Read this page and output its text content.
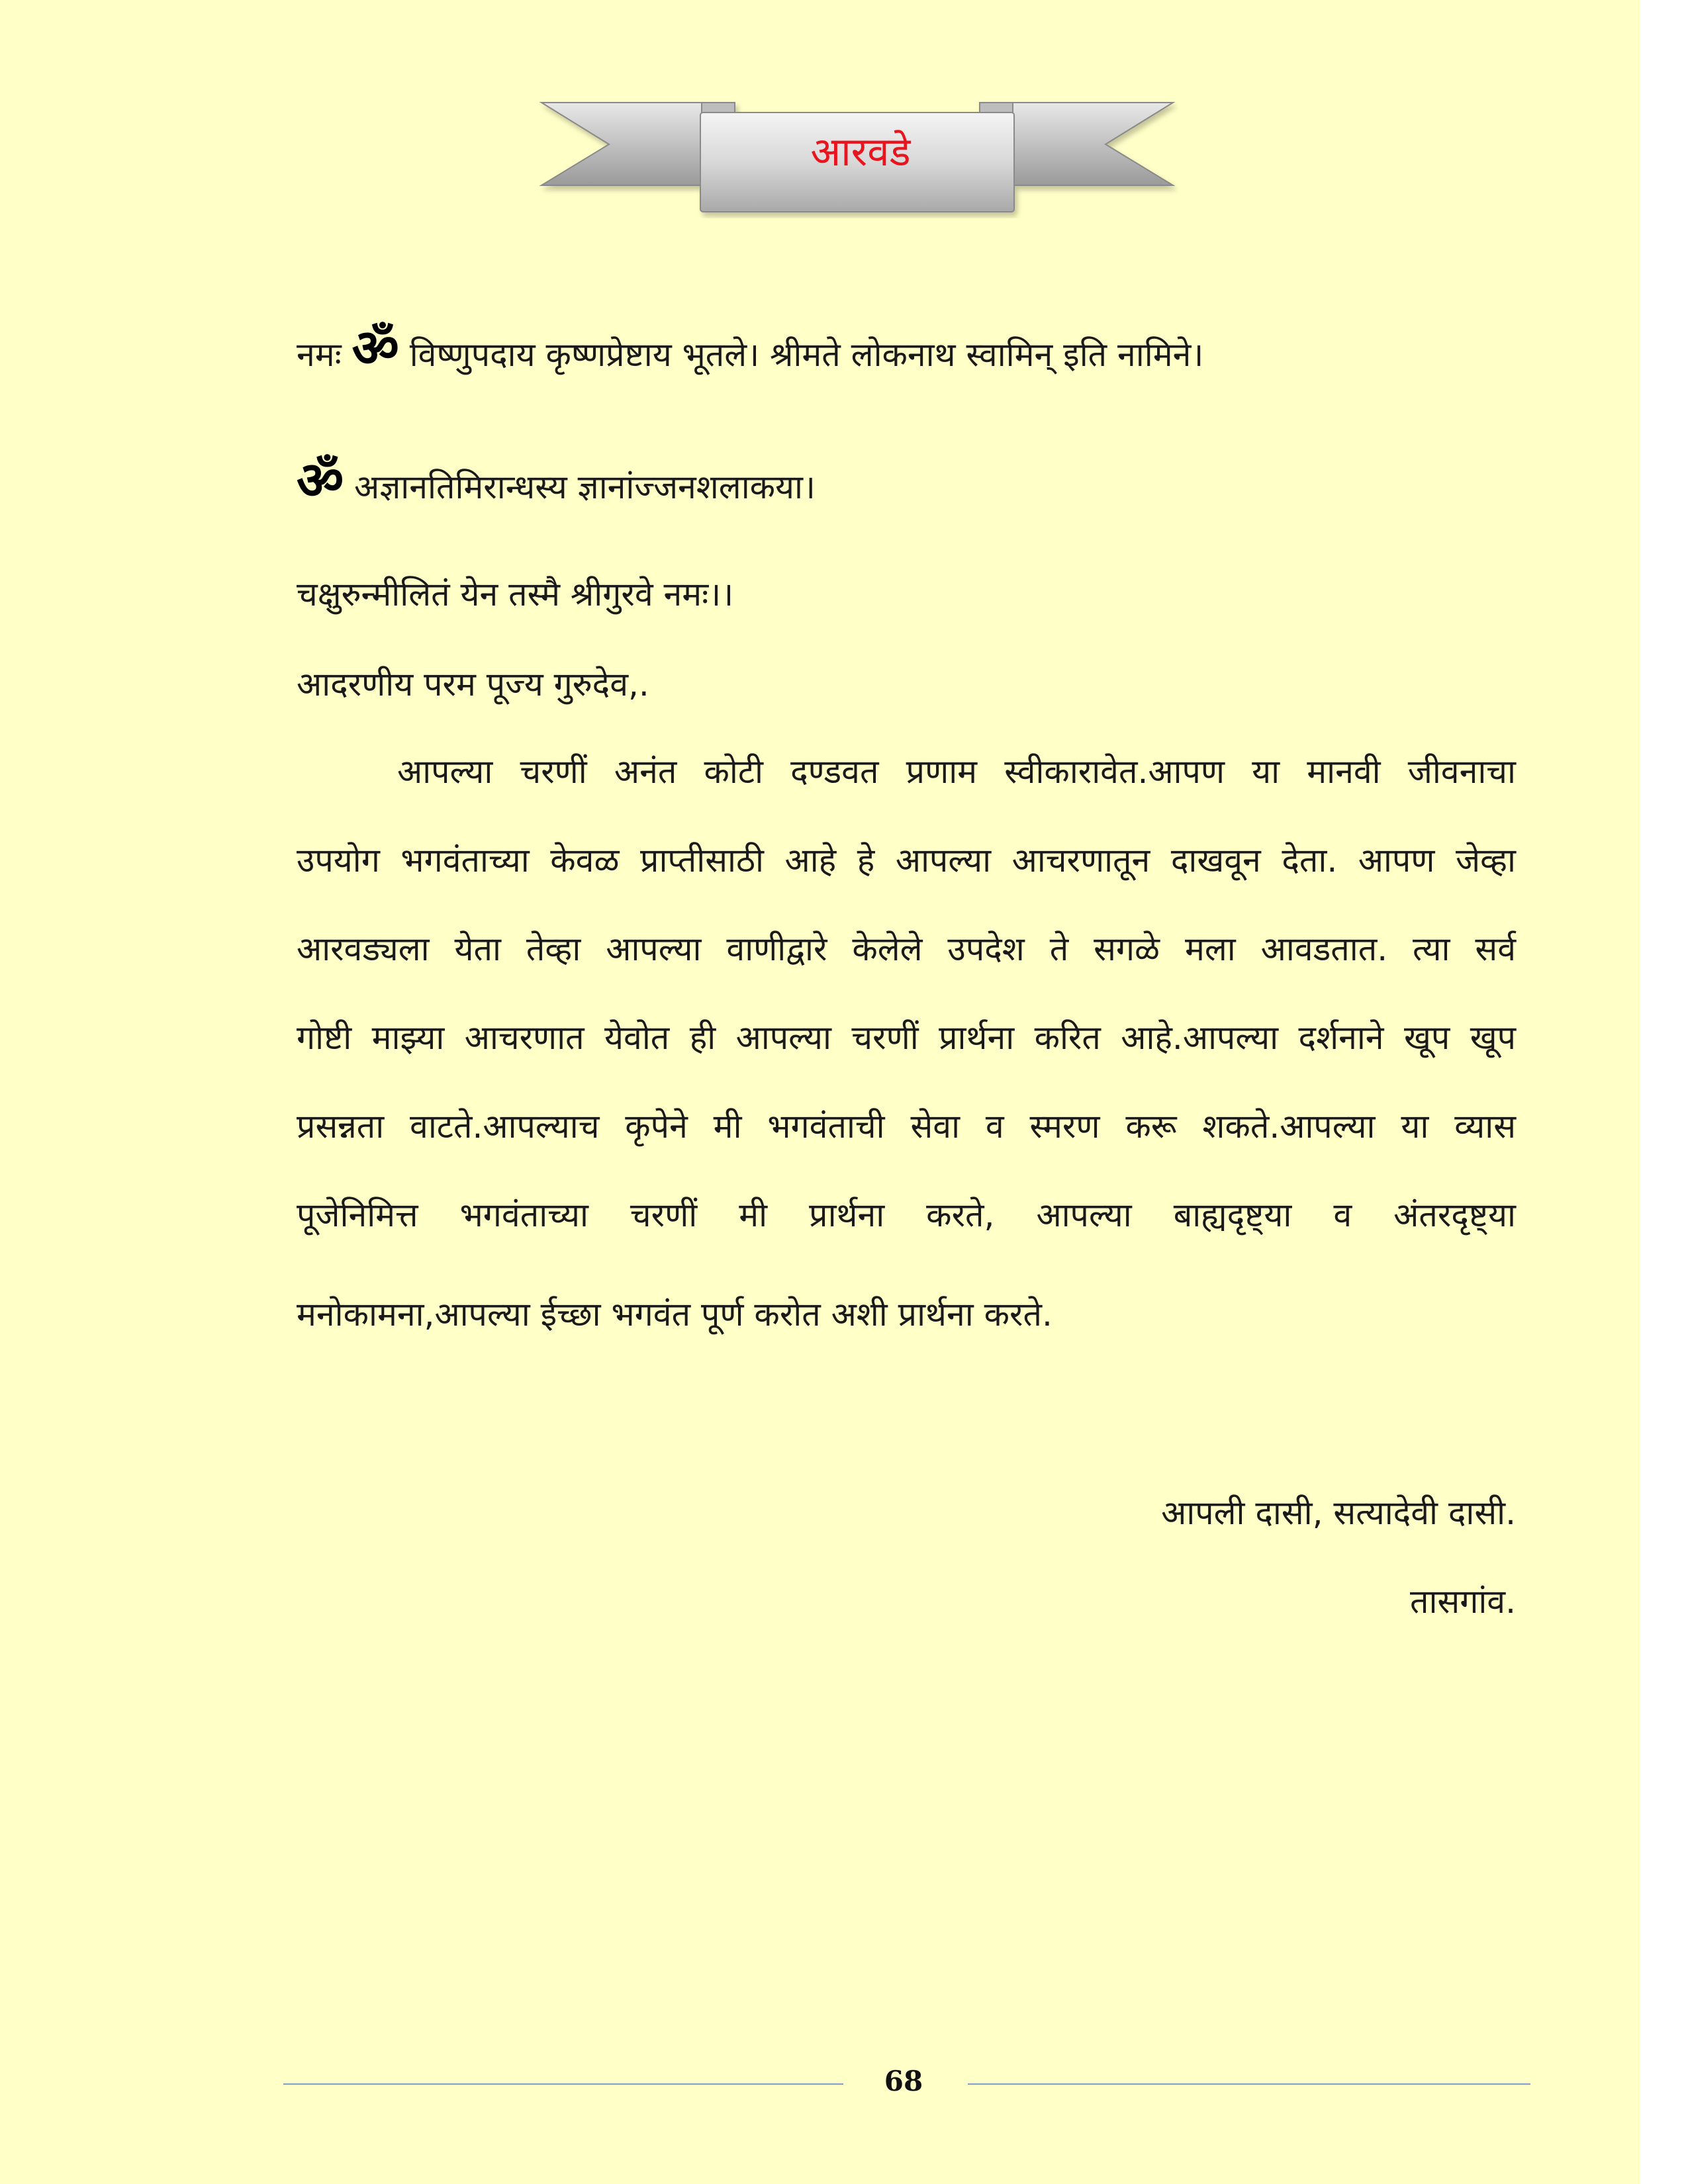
आरवडे
नमः ॐ विष्णुपदाय कृष्णप्रेष्टाय भूतले। श्रीमते लोकनाथ स्वामिन् इति नामिने।
ॐ अज्ञानतिमिरान्धस्य ज्ञानांज्जनशलाकया।
चक्षुरुन्मीलितं येन तस्मै श्रीगुरवे नमः।।
आदरणीय परम पूज्य गुरुदेव,.
आपल्या चरणीं अनंत कोटी दण्डवत प्रणाम स्वीकारावेत.आपण या मानवी जीवनाचा
उपयोग भगवंताच्या केवळ प्राप्तीसाठी आहे हे आपल्या आचरणातून दाखवून देता. आपण जेव्हा
आरवड्यला येता तेव्हा आपल्या वाणीद्वारे केलेले उपदेश ते सगळे मला आवडतात. त्या सर्व
गोष्टी माझ्या आचरणात येवोत ही आपल्या चरणीं प्रार्थना करित आहे.आपल्या दर्शनाने खूप खूप
प्रसन्नता वाटते.आपल्याच कृपेने मी भगवंताची सेवा व स्मरण करू शकते.आपल्या या व्यास
पूजेनिमित्त भगवंताच्या चरणीं मी प्रार्थना करते, आपल्या बाह्यदृष्ट्या व अंतरदृष्ट्या
मनोकामना,आपल्या ईच्छा भगवंत पूर्ण करोत अशी प्रार्थना करते.
आपली दासी, सत्यादेवी दासी.
तासगांव.
68
